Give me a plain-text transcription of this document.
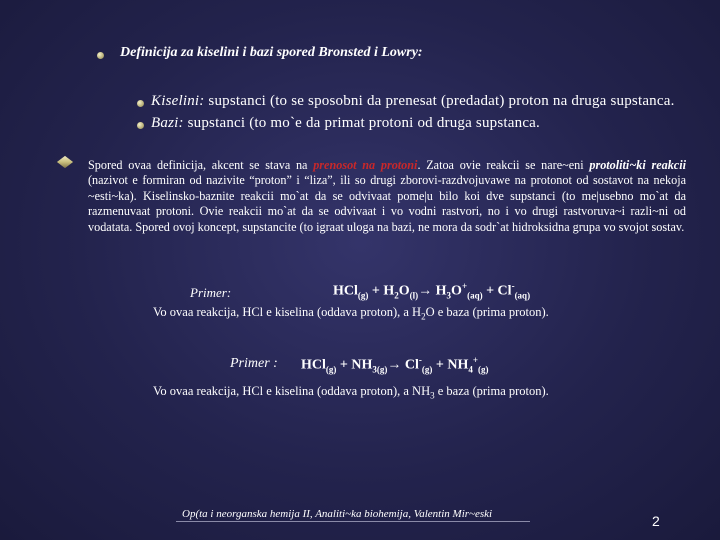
Definicija za kiselini i bazi spored Bronsted i Lowry:
Kiselini: supstanci (to se sposobni da prenesat (predadat) proton na druga supstanca.
Bazi: supstanci (to mo`e da primat protoni od druga supstanca.
Spored ovaa definicija, akcent se stava na prenosot na protoni. Zatoa ovie reakcii se nare~eni protoliti~ki reakcii (nazivot e formiran od nazivite “proton” i “liza”, ili so drugi zborovi-razdvojuvawe na protonot od sostavot na nekoja ~esti~ka). Kiselinsko-baznite reakcii mo`at da se odvivaat pome|u bilo koi dve supstanci (to me|usebno mo`at da razmenuvaat protoni. Ovie reakcii mo`at da se odvivaat i vo vodni rastvori, no i vo drugi rastvoruva~i razli~ni od vodatata. Spored ovoj koncept, supstancite (to igraat uloga na bazi, ne mora da sodr`at hidroksidna grupa vo svojot sostav.
Primer:	$HCl_{(g)} + H_2O_{(l)}\to H_3O^+_{(aq)} + Cl^-_{(aq)}$
Vo ovaa reakcija, HCl e kiselina (oddava proton), a $H_2O$ e baza (prima proton).
Primer : $HCl_{(g)} + NH_{3(g)}\to Cl^-_{(g)} + NH_4^+_{(g)}$
Vo ovaa reakcija, HCl e kiselina (oddava proton), a $NH_3$ e baza (prima proton).
Op(ta i neorganska hemija II, Analiti~ka biohemija, Valentin Mir~eski	2
